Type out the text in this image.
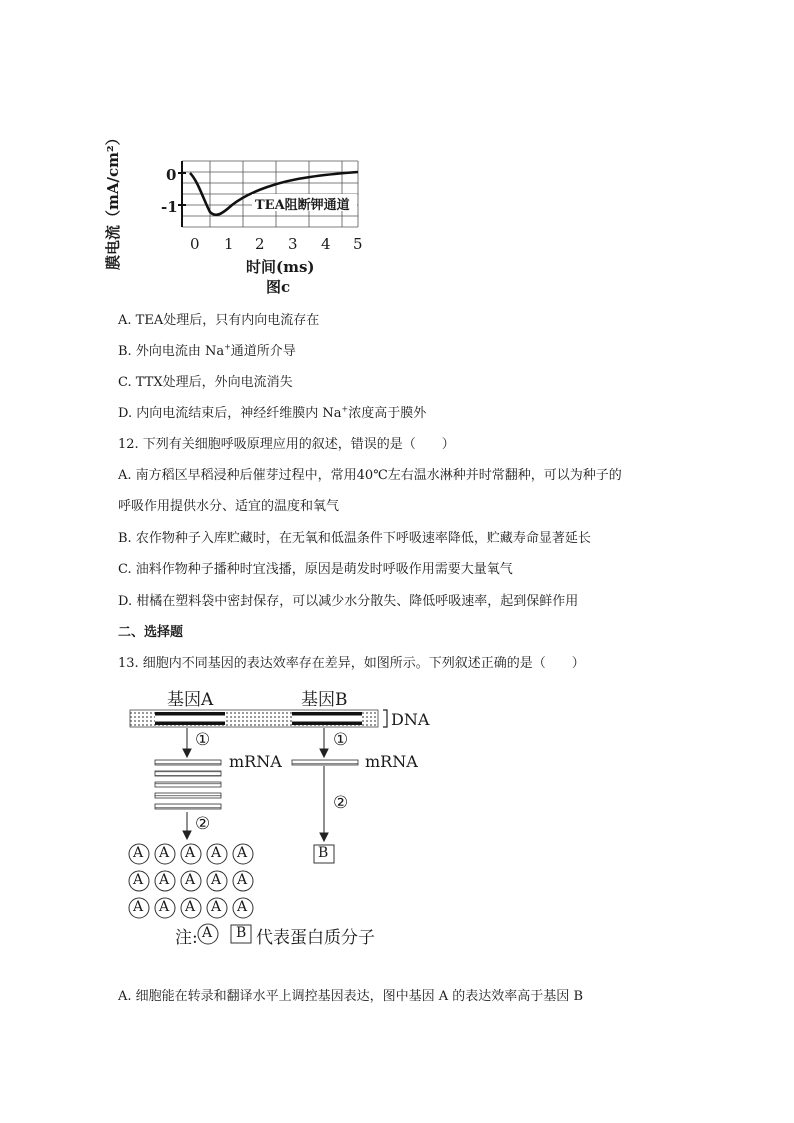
膜电流（mA/cm²）	0
-1	TEA阻断钾通道
0 1 2 3 4 5
时间(ms)
图c
A. TEA处理后，只有内向电流存在
B. 外向电流由 Na+通道所介导
C. TTX处理后，外向电流消失
D. 内向电流结束后，神经纤维膜内 Na+浓度高于膜外
12. 下列有关细胞呼吸原理应用的叙述，错误的是（　　）
A. 南方稻区早稻浸种后催芽过程中，常用40℃左右温水淋种并时常翻种，可以为种子的
呼吸作用提供水分、适宜的温度和氧气
B. 农作物种子入库贮藏时，在无氧和低温条件下呼吸速率降低，贮藏寿命显著延长
C. 油料作物种子播种时宜浅播，原因是萌发时呼吸作用需要大量氧气
D. 柑橘在塑料袋中密封保存，可以减少水分散失、降低呼吸速率，起到保鲜作用
二、选择题
13. 细胞内不同基因的表达效率存在差异，如图所示。下列叙述正确的是（　　）
基因A	基因B
DNA
①	①
mRNA	mRNA
②
②
A A A A A
A A A A A
A A A A A
B
注: A B 代表蛋白质分子
A. 细胞能在转录和翻译水平上调控基因表达，图中基因 A 的表达效率高于基因 B
